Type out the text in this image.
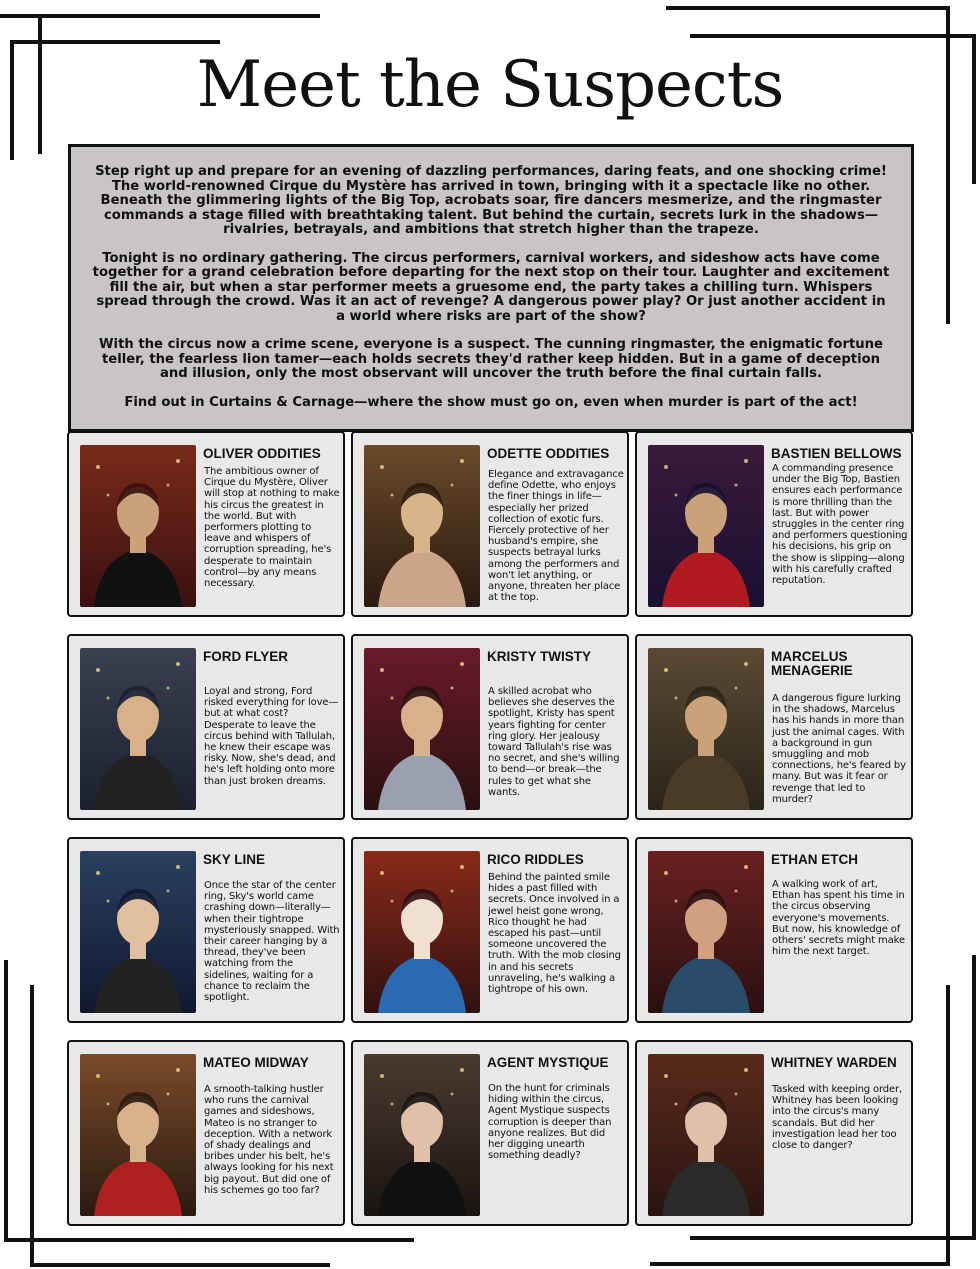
Meet the Suspects

Step right up and prepare for an evening of dazzling performances, daring feats, and one shocking crime! The world-renowned Cirque du Mystère has arrived in town, bringing with it a spectacle like no other. Beneath the glimmering lights of the Big Top, acrobats soar, fire dancers mesmerize, and the ringmaster commands a stage filled with breathtaking talent. But behind the curtain, secrets lurk in the shadows—rivalries, betrayals, and ambitions that stretch higher than the trapeze.

Tonight is no ordinary gathering. The circus performers, carnival workers, and sideshow acts have come together for a grand celebration before departing for the next stop on their tour. Laughter and excitement fill the air, but when a star performer meets a gruesome end, the party takes a chilling turn. Whispers spread through the crowd. Was it an act of revenge? A dangerous power play? Or just another accident in a world where risks are part of the show?

With the circus now a crime scene, everyone is a suspect. The cunning ringmaster, the enigmatic fortune teller, the fearless lion tamer—each holds secrets they'd rather keep hidden. But in a game of deception and illusion, only the most observant will uncover the truth before the final curtain falls.

Find out in Curtains & Carnage—where the show must go on, even when murder is part of the act!

OLIVER ODDITIES
The ambitious owner of Cirque du Mystère, Oliver will stop at nothing to make his circus the greatest in the world. But with performers plotting to leave and whispers of corruption spreading, he's desperate to maintain control—by any means necessary.
ODETTE ODDITIES
Elegance and extravagance define Odette, who enjoys the finer things in life—especially her prized collection of exotic furs. Fiercely protective of her husband's empire, she suspects betrayal lurks among the performers and won't let anything, or anyone, threaten her place at the top.
BASTIEN BELLOWS
A commanding presence under the Big Top, Bastien ensures each performance is more thrilling than the last. But with power struggles in the center ring and performers questioning his decisions, his grip on the show is slipping—along with his carefully crafted reputation.
FORD FLYER
Loyal and strong, Ford risked everything for love—but at what cost? Desperate to leave the circus behind with Tallulah, he knew their escape was risky. Now, she's dead, and he's left holding onto more than just broken dreams.
KRISTY TWISTY
A skilled acrobat who believes she deserves the spotlight, Kristy has spent years fighting for center ring glory. Her jealousy toward Tallulah's rise was no secret, and she's willing to bend—or break—the rules to get what she wants.
MARCELUS MENAGERIE
A dangerous figure lurking in the shadows, Marcelus has his hands in more than just the animal cages. With a background in gun smuggling and mob connections, he's feared by many. But was it fear or revenge that led to murder?
SKY LINE
Once the star of the center ring, Sky's world came crashing down—literally—when their tightrope mysteriously snapped. With their career hanging by a thread, they've been watching from the sidelines, waiting for a chance to reclaim the spotlight.
RICO RIDDLES
Behind the painted smile hides a past filled with secrets. Once involved in a jewel heist gone wrong, Rico thought he had escaped his past—until someone uncovered the truth. With the mob closing in and his secrets unraveling, he's walking a tightrope of his own.
ETHAN ETCH
A walking work of art, Ethan has spent his time in the circus observing everyone's movements. But now, his knowledge of others' secrets might make him the next target.
MATEO MIDWAY
A smooth-talking hustler who runs the carnival games and sideshows, Mateo is no stranger to deception. With a network of shady dealings and bribes under his belt, he's always looking for his next big payout. But did one of his schemes go too far?
AGENT MYSTIQUE
On the hunt for criminals hiding within the circus, Agent Mystique suspects corruption is deeper than anyone realizes. But did her digging unearth something deadly?
WHITNEY WARDEN
Tasked with keeping order, Whitney has been looking into the circus's many scandals. But did her investigation lead her too close to danger?
